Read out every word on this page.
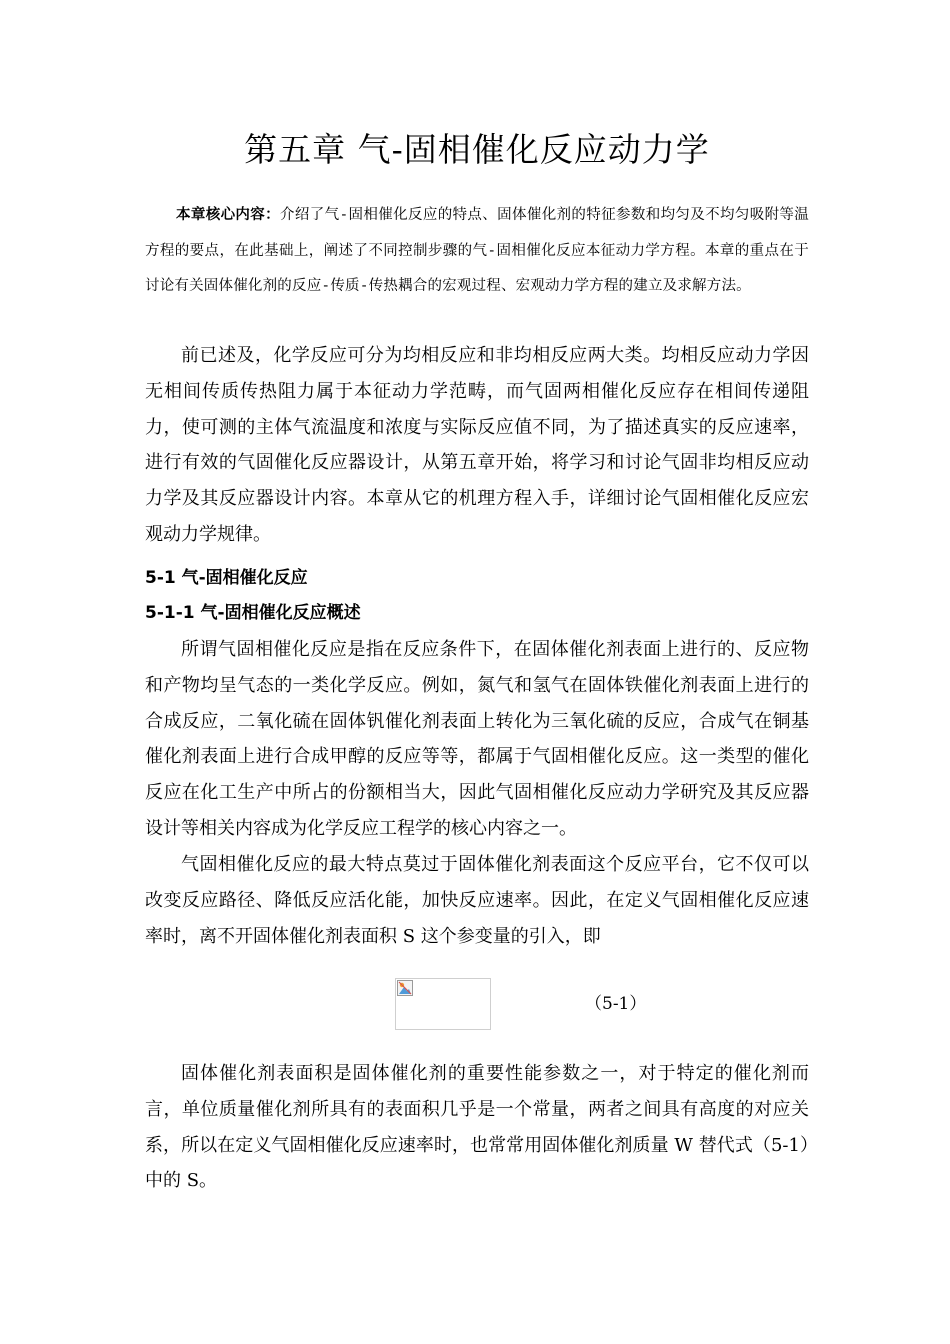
第五章 气-固相催化反应动力学
本章核心内容：介绍了气-固相催化反应的特点、固体催化剂的特征参数和均匀及不均匀吸附等温方程的要点，在此基础上，阐述了不同控制步骤的气-固相催化反应本征动力学方程。本章的重点在于讨论有关固体催化剂的反应-传质-传热耦合的宏观过程、宏观动力学方程的建立及求解方法。
前已述及，化学反应可分为均相反应和非均相反应两大类。均相反应动力学因无相间传质传热阻力属于本征动力学范畴，而气固两相催化反应存在相间传递阻力，使可测的主体气流温度和浓度与实际反应值不同，为了描述真实的反应速率，进行有效的气固催化反应器设计，从第五章开始，将学习和讨论气固非均相反应动力学及其反应器设计内容。本章从它的机理方程入手，详细讨论气固相催化反应宏观动力学规律。
5-1 气-固相催化反应
5-1-1 气-固相催化反应概述
所谓气固相催化反应是指在反应条件下，在固体催化剂表面上进行的、反应物和产物均呈气态的一类化学反应。例如，氮气和氢气在固体铁催化剂表面上进行的合成反应，二氧化硫在固体钒催化剂表面上转化为三氧化硫的反应，合成气在铜基催化剂表面上进行合成甲醇的反应等等，都属于气固相催化反应。这一类型的催化反应在化工生产中所占的份额相当大，因此气固相催化反应动力学研究及其反应器设计等相关内容成为化学反应工程学的核心内容之一。
气固相催化反应的最大特点莫过于固体催化剂表面这个反应平台，它不仅可以改变反应路径、降低反应活化能，加快反应速率。因此，在定义气固相催化反应速率时，离不开固体催化剂表面积 S 这个参变量的引入，即
（5-1）
固体催化剂表面积是固体催化剂的重要性能参数之一，对于特定的催化剂而言，单位质量催化剂所具有的表面积几乎是一个常量，两者之间具有高度的对应关系，所以在定义气固相催化反应速率时，也常常用固体催化剂质量 W 替代式（5-1）中的 S。
